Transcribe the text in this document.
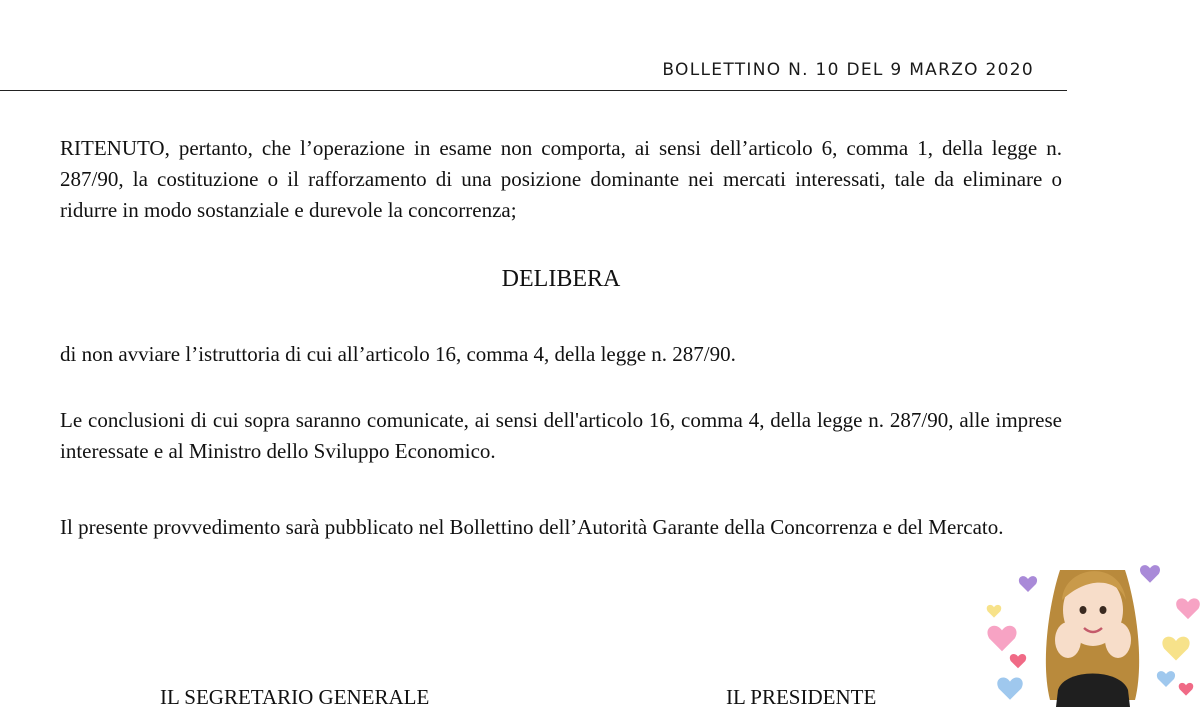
BOLLETTINO N. 10 DEL 9 MARZO 2020

RITENUTO, pertanto, che l’operazione in esame non comporta, ai sensi dell’articolo 6, comma 1, della legge n. 287/90, la costituzione o il rafforzamento di una posizione dominante nei mercati interessati, tale da eliminare o ridurre in modo sostanziale e durevole la concorrenza;

DELIBERA

di non avviare l’istruttoria di cui all’articolo 16, comma 4, della legge n. 287/90.

Le conclusioni di cui sopra saranno comunicate, ai sensi dell'articolo 16, comma 4, della legge n. 287/90, alle imprese interessate e al Ministro dello Sviluppo Economico.

Il presente provvedimento sarà pubblicato nel Bollettino dell’Autorità Garante della Concorrenza e del Mercato.

IL SEGRETARIO GENERALE	IL PRESIDENTE
